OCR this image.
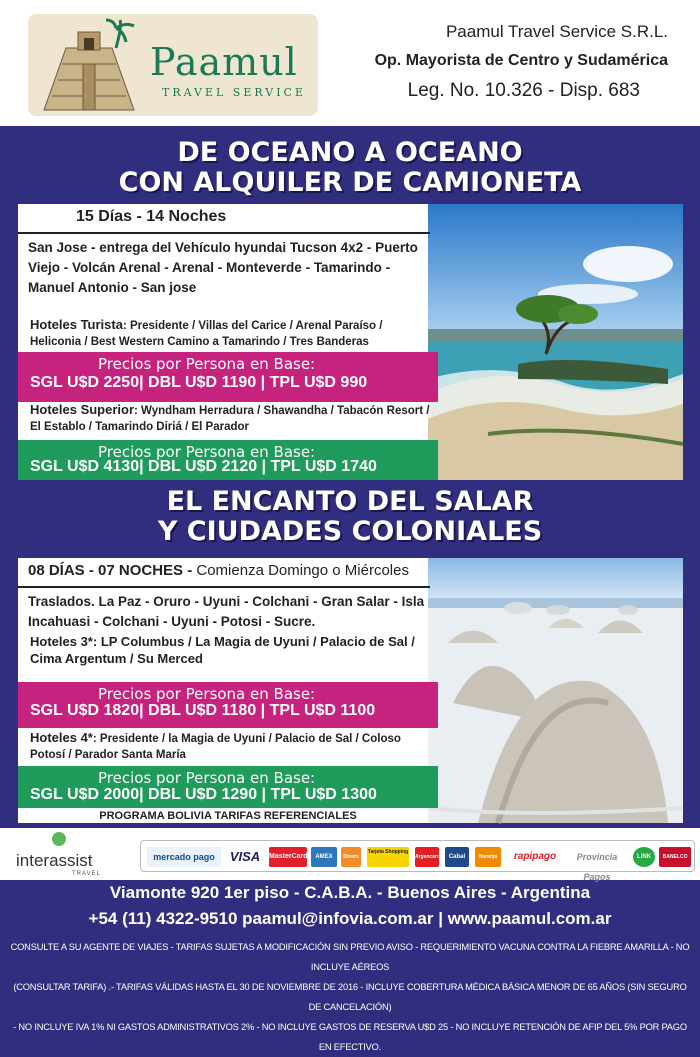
Paamul
TRAVEL SERVICE
Paamul Travel Service S.R.L.
Op. Mayorista de Centro y Sudamérica
Leg. No. 10.326 - Disp. 683
DE OCEANO A OCEANO
CON ALQUILER DE CAMIONETA
15 Días - 14 Noches
San Jose - entrega del Vehículo hyundai Tucson 4x2 - Puerto Viejo - Volcán Arenal - Arenal - Monteverde - Tamarindo - Manuel Antonio - San jose
Hoteles Turista: Presidente / Villas del Carice / Arenal Paraíso / Heliconia / Best Western Camino a Tamarindo / Tres Banderas
Precios por Persona en Base:
SGL U$D 2250| DBL U$D 1190 | TPL U$D 990
Hoteles Superior: Wyndham Herradura / Shawandha / Tabacón Resort / El Establo / Tamarindo Diriá / El Parador
Precios por Persona en Base:
SGL U$D 4130| DBL U$D 2120 | TPL U$D 1740
EL ENCANTO DEL SALAR
Y CIUDADES COLONIALES
08 DÍAS - 07 NOCHES - Comienza Domingo o Miércoles
Traslados. La Paz - Oruro - Uyuni - Colchani - Gran Salar - Isla Incahuasi - Colchani - Uyuni - Potosi - Sucre.
Hoteles 3*: LP Columbus / La Magia de Uyuni / Palacio de Sal / Cima Argentum / Su Merced
Precios por Persona en Base:
SGL U$D 1820| DBL U$D 1180 | TPL U$D 1100
Hoteles 4*: Presidente / la Magia de Uyuni / Palacio de Sal / Coloso Potosí / Parador Santa María
Precios por Persona en Base:
SGL U$D 2000| DBL U$D 1290 | TPL U$D 1300
PROGRAMA BOLIVIA TARIFAS REFERENCIALES
interassist
TRAVEL
mercado pago	VISA	MasterCard	AMEX	Diners
Tarjeta Shopping
Argencard	Cabal	Naranja	rapipago	Provincia Pagos
LINK	BANELCO
Viamonte 920 1er piso - C.A.B.A. - Buenos Aires - Argentina
+54 (11) 4322-9510 paamul@infovia.com.ar | www.paamul.com.ar
CONSULTE A SU AGENTE DE VIAJES - TARIFAS SUJETAS A MODIFICACIÓN SIN PREVIO AVISO - REQUERIMIENTO VACUNA CONTRA LA FIEBRE AMARILLA - NO INCLUYE AÉREOS
(CONSULTAR TARIFA) .- TARIFAS VÁLIDAS HASTA EL 30 DE NOVIEMBRE DE 2016 - INCLUYE COBERTURA MÉDICA BÁSICA MENOR DE 65 AÑOS (SIN SEGURO DE CANCELACIÓN)
- NO INCLUYE IVA 1% NI GASTOS ADMINISTRATIVOS 2% - NO INCLUYE GASTOS DE RESERVA U$D 25 - NO INCLUYE RETENCIÓN DE AFIP DEL 5% POR PAGO EN EFECTIVO.
